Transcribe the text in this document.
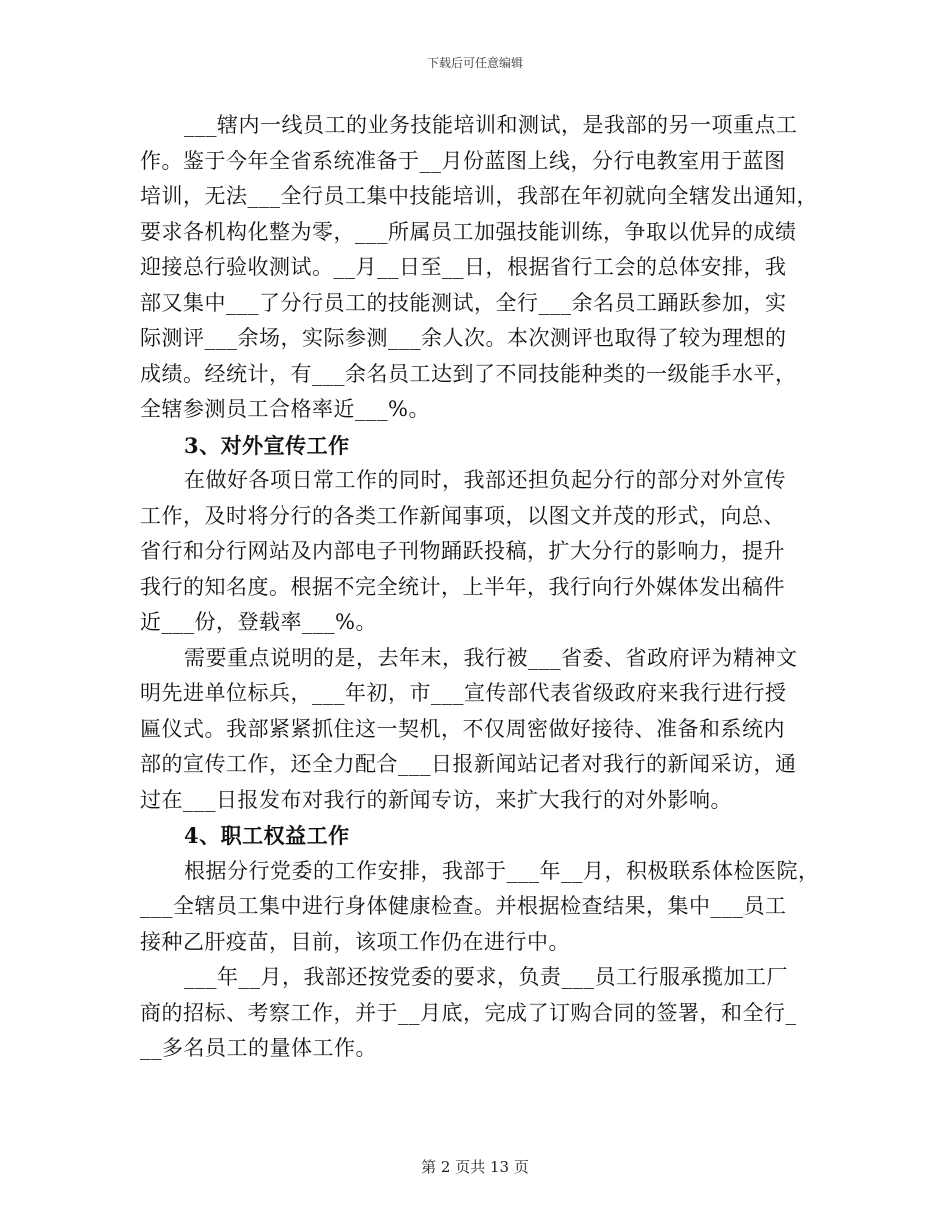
下载后可任意编辑
___辖内一线员工的业务技能培训和测试，是我部的另一项重点工
作。鉴于今年全省系统准备于__月份蓝图上线，分行电教室用于蓝图
培训，无法___全行员工集中技能培训，我部在年初就向全辖发出通知，
要求各机构化整为零，___所属员工加强技能训练，争取以优异的成绩
迎接总行验收测试。__月__日至__日，根据省行工会的总体安排，我
部又集中___了分行员工的技能测试，全行___余名员工踊跃参加，实
际测评___余场，实际参测___余人次。本次测评也取得了较为理想的
成绩。经统计，有___余名员工达到了不同技能种类的一级能手水平，
全辖参测员工合格率近___%。
3、对外宣传工作
在做好各项日常工作的同时，我部还担负起分行的部分对外宣传
工作，及时将分行的各类工作新闻事项，以图文并茂的形式，向总、
省行和分行网站及内部电子刊物踊跃投稿，扩大分行的影响力，提升
我行的知名度。根据不完全统计，上半年，我行向行外媒体发出稿件
近___份，登载率___%。
需要重点说明的是，去年末，我行被___省委、省政府评为精神文
明先进单位标兵，___年初，市___宣传部代表省级政府来我行进行授
匾仪式。我部紧紧抓住这一契机，不仅周密做好接待、准备和系统内
部的宣传工作，还全力配合___日报新闻站记者对我行的新闻采访，通
过在___日报发布对我行的新闻专访，来扩大我行的对外影响。
4、职工权益工作
根据分行党委的工作安排，我部于___年__月，积极联系体检医院，
___全辖员工集中进行身体健康检查。并根据检查结果，集中___员工
接种乙肝疫苗，目前，该项工作仍在进行中。
___年__月，我部还按党委的要求，负责___员工行服承揽加工厂
商的招标、考察工作，并于__月底，完成了订购合同的签署，和全行_
__多名员工的量体工作。
第 2 页共 13 页
